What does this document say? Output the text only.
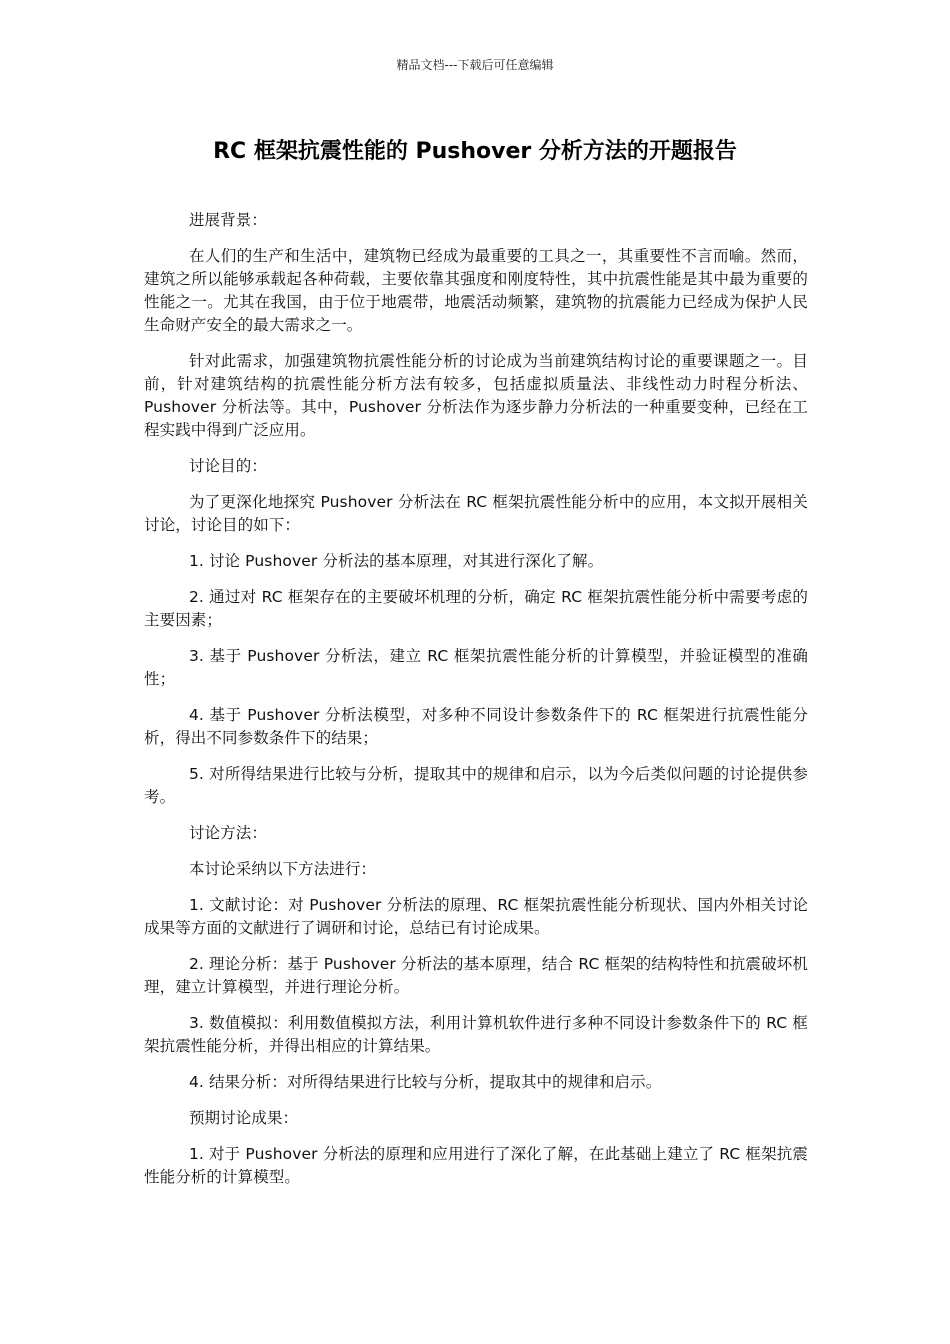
精品文档---下载后可任意编辑
RC 框架抗震性能的 Pushover 分析方法的开题报告

进展背景：

在人们的生产和生活中，建筑物已经成为最重要的工具之一，其重要性不言而喻。然而，建筑之所以能够承载起各种荷载，主要依靠其强度和刚度特性，其中抗震性能是其中最为重要的性能之一。尤其在我国，由于位于地震带，地震活动频繁，建筑物的抗震能力已经成为保护人民生命财产安全的最大需求之一。

针对此需求，加强建筑物抗震性能分析的讨论成为当前建筑结构讨论的重要课题之一。目前，针对建筑结构的抗震性能分析方法有较多，包括虚拟质量法、非线性动力时程分析法、Pushover 分析法等。其中，Pushover 分析法作为逐步静力分析法的一种重要变种，已经在工程实践中得到广泛应用。

讨论目的：

为了更深化地探究 Pushover 分析法在 RC 框架抗震性能分析中的应用，本文拟开展相关讨论，讨论目的如下：

1. 讨论 Pushover 分析法的基本原理，对其进行深化了解。

2. 通过对 RC 框架存在的主要破坏机理的分析，确定 RC 框架抗震性能分析中需要考虑的主要因素；

3. 基于 Pushover 分析法，建立 RC 框架抗震性能分析的计算模型，并验证模型的准确性；

4. 基于 Pushover 分析法模型，对多种不同设计参数条件下的 RC 框架进行抗震性能分析，得出不同参数条件下的结果；

5. 对所得结果进行比较与分析，提取其中的规律和启示，以为今后类似问题的讨论提供参考。

讨论方法：

本讨论采纳以下方法进行：

1. 文献讨论：对 Pushover 分析法的原理、RC 框架抗震性能分析现状、国内外相关讨论成果等方面的文献进行了调研和讨论，总结已有讨论成果。

2. 理论分析：基于 Pushover 分析法的基本原理，结合 RC 框架的结构特性和抗震破坏机理，建立计算模型，并进行理论分析。

3. 数值模拟：利用数值模拟方法，利用计算机软件进行多种不同设计参数条件下的 RC 框架抗震性能分析，并得出相应的计算结果。

4. 结果分析：对所得结果进行比较与分析，提取其中的规律和启示。

预期讨论成果：

1. 对于 Pushover 分析法的原理和应用进行了深化了解，在此基础上建立了 RC 框架抗震性能分析的计算模型。
